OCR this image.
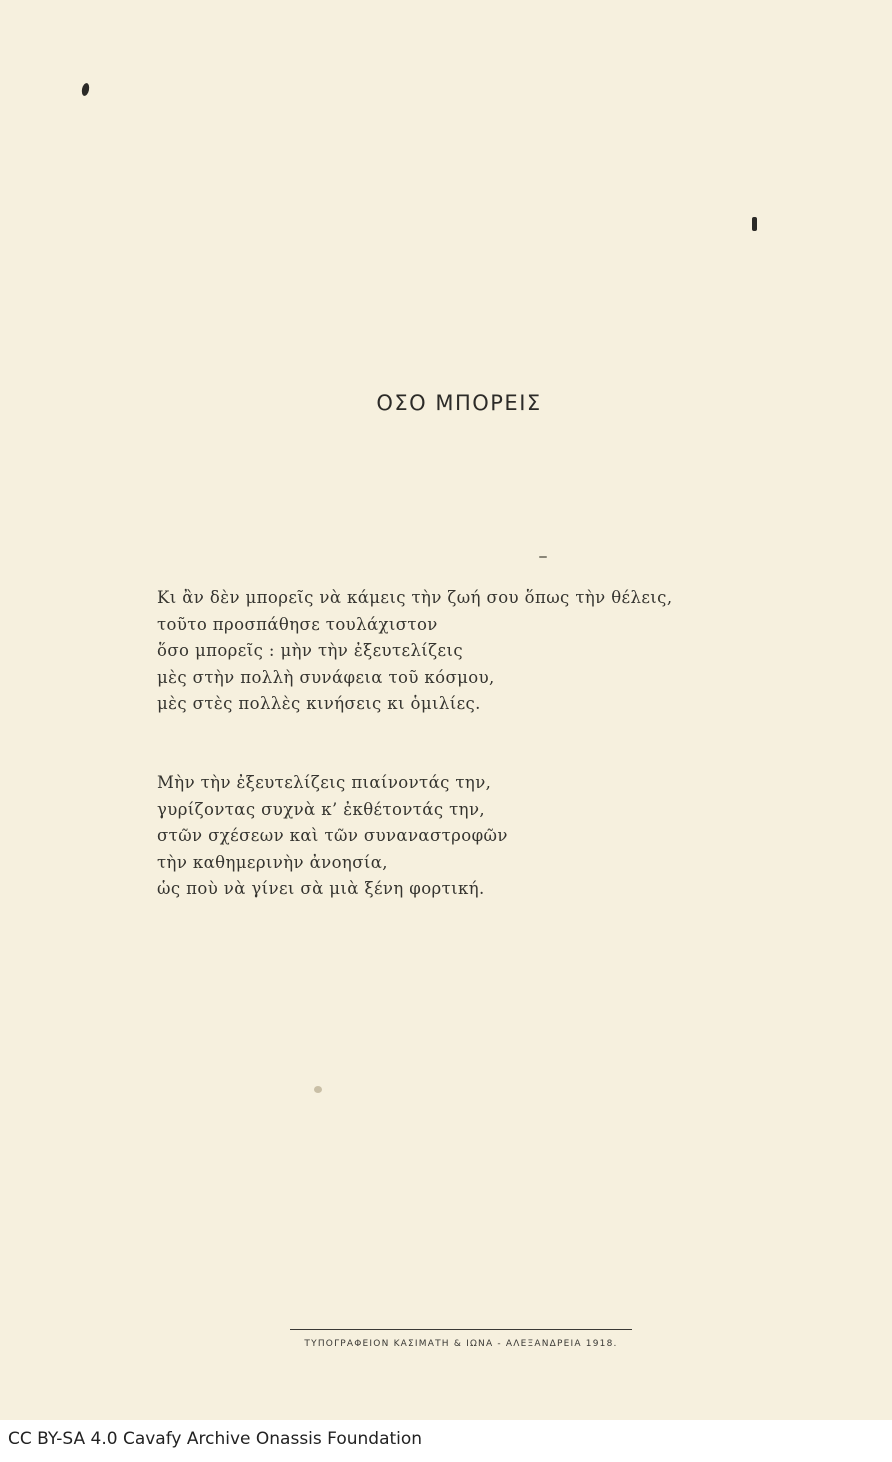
ΟΣΟ ΜΠΟΡΕΙΣ
Κι ἂν δὲν μπορεῖς νὰ κάμεις τὴν ζωή σου ὅπως τὴν θέλεις,
τοῦτο προσπάθησε τουλάχιστον
ὅσο μπορεῖς : μὴν τὴν ἐξευτελίζεις
μὲς στὴν πολλὴ συνάφεια τοῦ κόσμου,
μὲς στὲς πολλὲς κινήσεις κι ὁμιλίες.
Μὴν τὴν ἐξευτελίζεις πιαίνοντάς την,
γυρίζοντας συχνὰ κ’ ἐκθέτοντάς την,
στῶν σχέσεων καὶ τῶν συναναστροφῶν
τὴν καθημερινὴν ἀνοησία,
ὡς ποὺ νὰ γίνει σὰ μιὰ ξένη φορτική.
ΤΥΠΟΓΡΑΦΕΙΟΝ ΚΑΣΙΜΑΤΗ & ΙΩΝΑ - ΑΛΕΞΑΝΔΡΕΙΑ 1918.
CC BY-SA 4.0 Cavafy Archive Onassis Foundation
